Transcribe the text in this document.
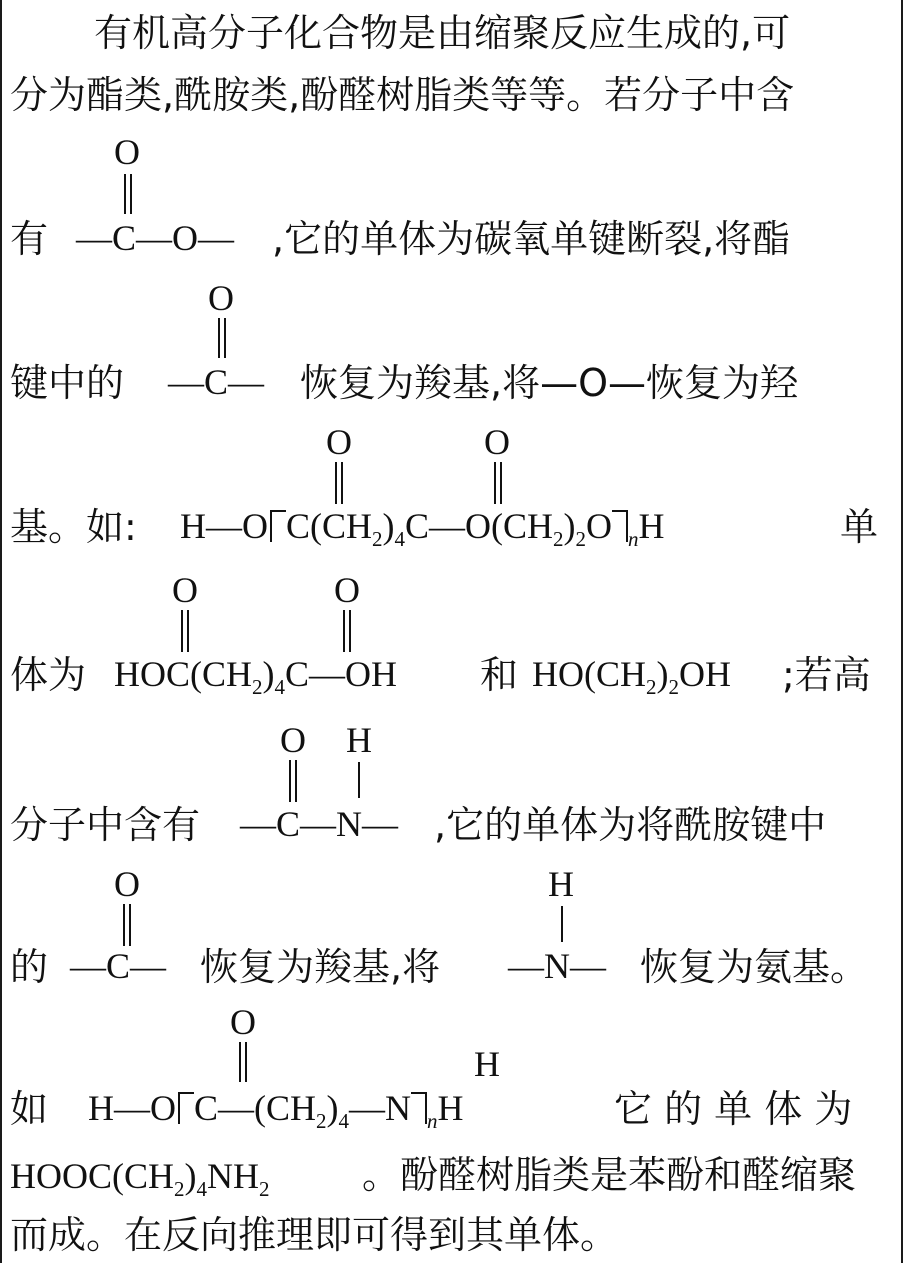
有机高分子化合物是由缩聚反应生成的,可
分为酯类,酰胺类,酚醛树脂类等等。若分子中含
O
有 —C—O— ,它的单体为碳氧单键断裂,将酯
O
键中的 —C— 恢复为羧基,将—O—恢复为羟
O	O
基。如: H—O $C(CH_2)_4C—O(CH_2)_2O$ $_n$H	单
O	O
体为 $HOC(CH_2)_4C—OH$ 和 $HO(CH_2)_2OH$ ;若高
O H
分子中含有 —C—N— ,它的单体为将酰胺键中
O	H
的 —C— 恢复为羧基,将 —N— 恢复为氨基。
O
H
如 H—O $C—(CH_2)_4—N$ $_n$H	它 的 单 体 为
$HOOC(CH_2)_4NH_2$ 。酚醛树脂类是苯酚和醛缩聚
而成。在反向推理即可得到其单体。
